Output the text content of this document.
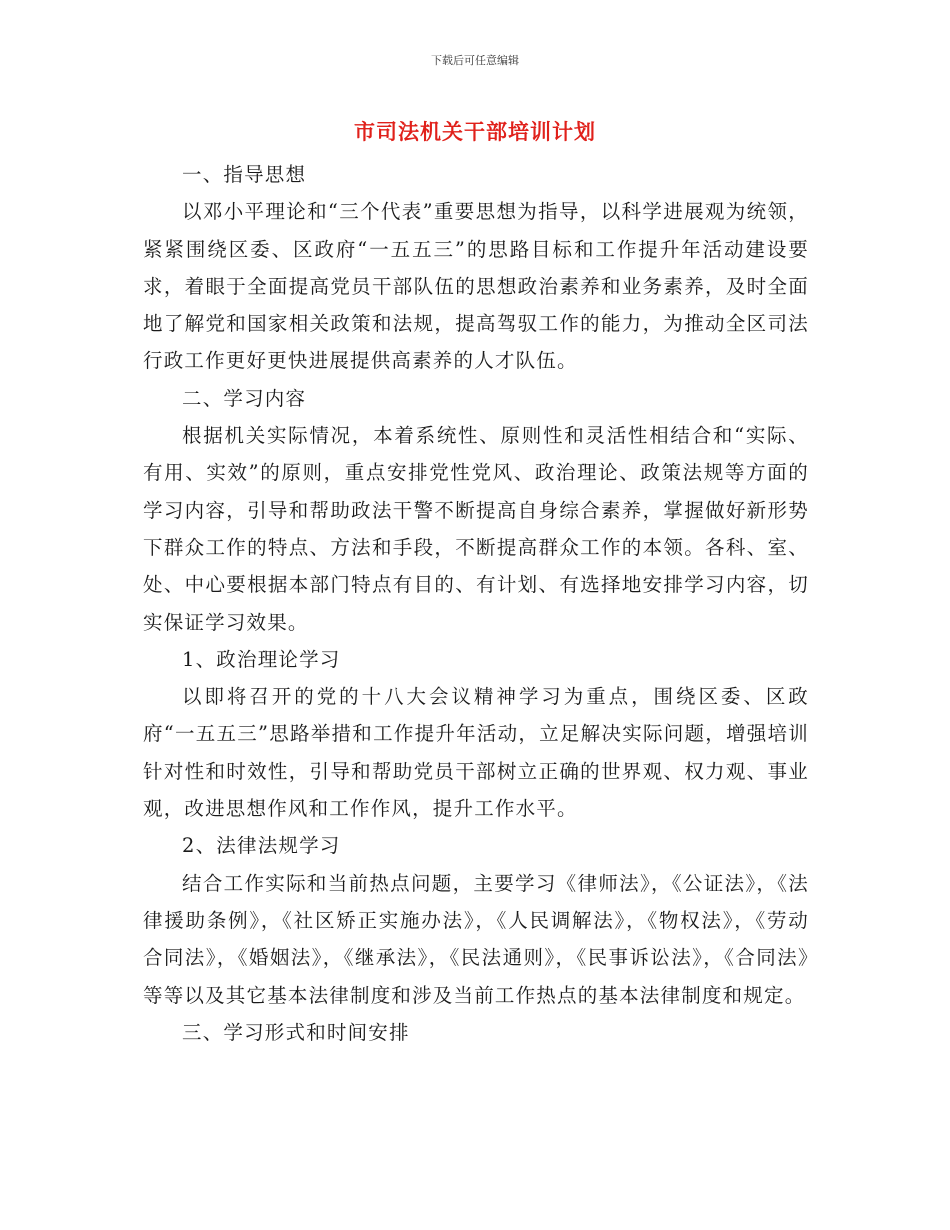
下载后可任意编辑
市司法机关干部培训计划

一、指导思想

以邓小平理论和“三个代表”重要思想为指导，以科学进展观为统领，紧紧围绕区委、区政府“一五五三”的思路目标和工作提升年活动建设要求，着眼于全面提高党员干部队伍的思想政治素养和业务素养，及时全面地了解党和国家相关政策和法规，提高驾驭工作的能力，为推动全区司法行政工作更好更快进展提供高素养的人才队伍。

二、学习内容

根据机关实际情况，本着系统性、原则性和灵活性相结合和“实际、有用、实效”的原则，重点安排党性党风、政治理论、政策法规等方面的学习内容，引导和帮助政法干警不断提高自身综合素养，掌握做好新形势下群众工作的特点、方法和手段，不断提高群众工作的本领。各科、室、处、中心要根据本部门特点有目的、有计划、有选择地安排学习内容，切实保证学习效果。

1、政治理论学习

以即将召开的党的十八大会议精神学习为重点，围绕区委、区政府“一五五三”思路举措和工作提升年活动，立足解决实际问题，增强培训针对性和时效性，引导和帮助党员干部树立正确的世界观、权力观、事业观，改进思想作风和工作作风，提升工作水平。

2、法律法规学习

结合工作实际和当前热点问题，主要学习《律师法》，《公证法》，《法律援助条例》，《社区矫正实施办法》，《人民调解法》，《物权法》，《劳动合同法》，《婚姻法》，《继承法》，《民法通则》，《民事诉讼法》，《合同法》等等以及其它基本法律制度和涉及当前工作热点的基本法律制度和规定。

三、学习形式和时间安排
